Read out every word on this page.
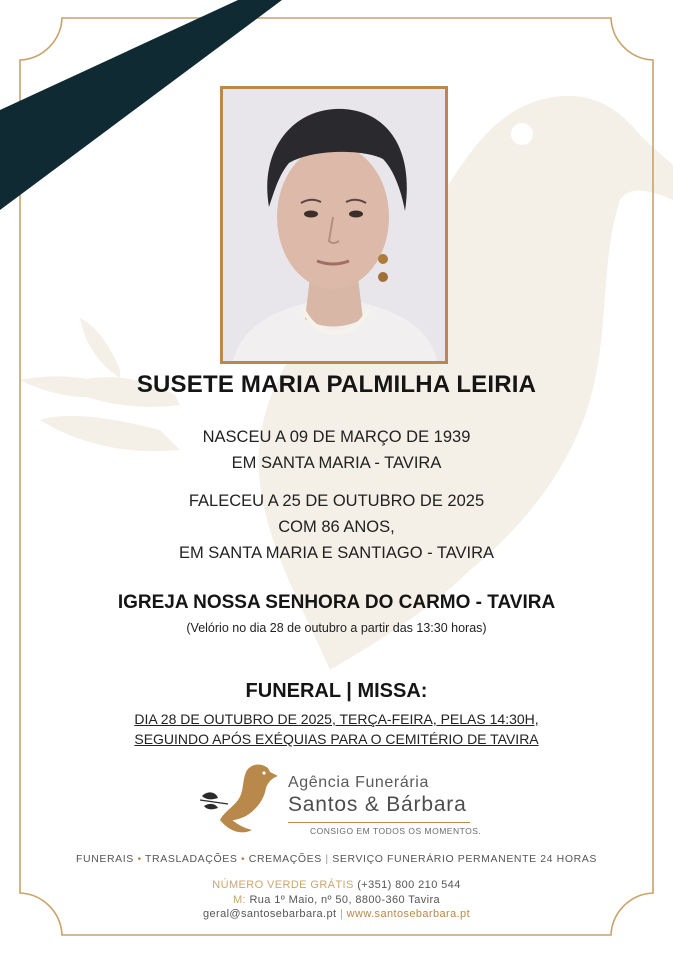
SUSETE MARIA PALMILHA LEIRIA
NASCEU A 09 DE MARÇO DE 1939
EM SANTA MARIA - TAVIRA
FALECEU A 25 DE OUTUBRO DE 2025
COM 86 ANOS,
EM SANTA MARIA E SANTIAGO - TAVIRA
IGREJA NOSSA SENHORA DO CARMO - TAVIRA
(Velório no dia 28 de outubro a partir das 13:30 horas)
FUNERAL | MISSA:
DIA 28 DE OUTUBRO DE 2025, TERÇA-FEIRA, PELAS 14:30H,
SEGUINDO APÓS EXÉQUIAS PARA O CEMITÉRIO DE TAVIRA
Agência Funerária
Santos & Bárbara
CONSIGO EM TODOS OS MOMENTOS.
FUNERAIS • TRASLADAÇÕES • CREMAÇÕES | SERVIÇO FUNERÁRIO PERMANENTE 24 HORAS
NÚMERO VERDE GRÁTIS (+351) 800 210 544
M: Rua 1º Maio, nº 50, 8800-360 Tavira
geral@santosebarbara.pt | www.santosebarbara.pt
